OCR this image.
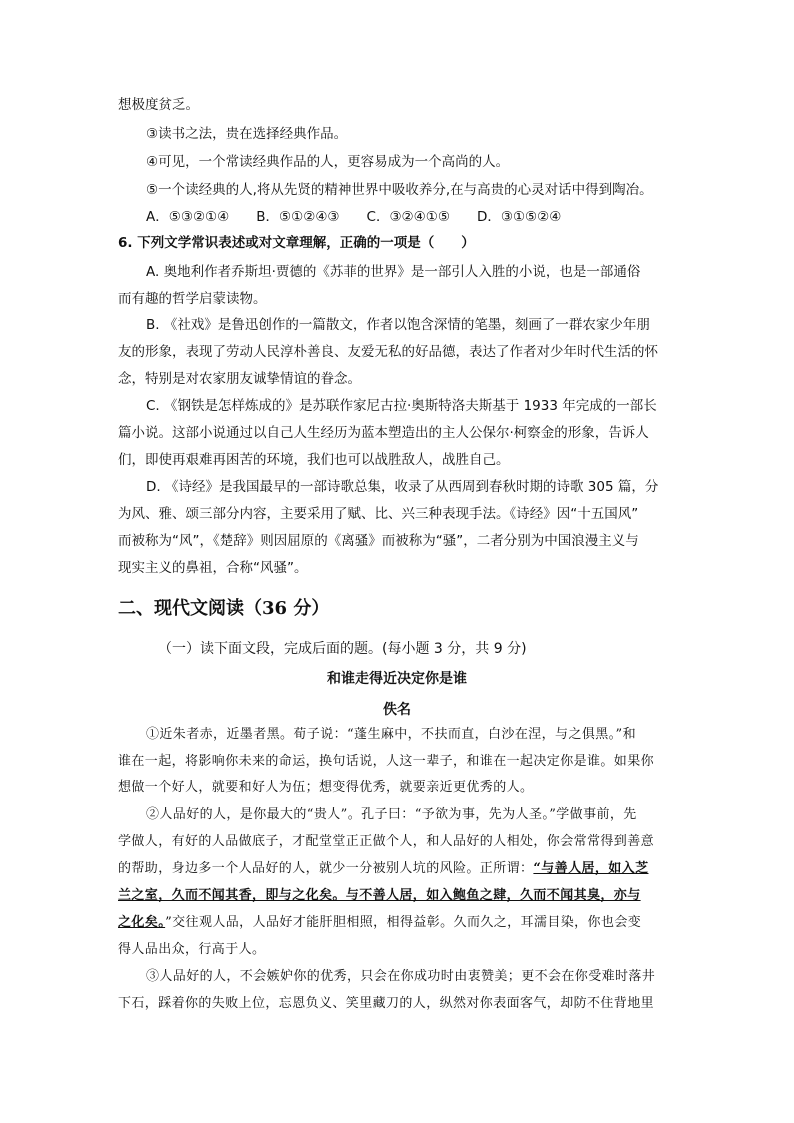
想极度贫乏。
③读书之法，贵在选择经典作品。
④可见，一个常读经典作品的人，更容易成为一个高尚的人。
⑤一个读经典的人,将从先贤的精神世界中吸收养分,在与高贵的心灵对话中得到陶冶。
A．⑤③②①④　　B．⑤①②④③　　C．③②④①⑤　　D．③①⑤②④
6. 下列文学常识表述或对文章理解，正确的一项是（　　）
A. 奥地利作者乔斯坦·贾德的《苏菲的世界》是一部引人入胜的小说，也是一部通俗
而有趣的哲学启蒙读物。
B. 《社戏》是鲁迅创作的一篇散文，作者以饱含深情的笔墨，刻画了一群农家少年朋
友的形象，表现了劳动人民淳朴善良、友爱无私的好品德，表达了作者对少年时代生活的怀
念，特别是对农家朋友诚挚情谊的眷念。
C. 《钢铁是怎样炼成的》是苏联作家尼古拉·奥斯特洛夫斯基于 1933 年完成的一部长
篇小说。这部小说通过以自己人生经历为蓝本塑造出的主人公保尔·柯察金的形象，告诉人
们，即使再艰难再困苦的环境，我们也可以战胜敌人，战胜自己。
D. 《诗经》是我国最早的一部诗歌总集，收录了从西周到春秋时期的诗歌 305 篇，分
为风、雅、颂三部分内容，主要采用了赋、比、兴三种表现手法。《诗经》因“十五国风”
而被称为“风”，《楚辞》则因屈原的《离骚》而被称为“骚”，二者分别为中国浪漫主义与
现实主义的鼻祖，合称“风骚”。
二、现代文阅读（36 分）
（一）读下面文段，完成后面的题。(每小题 3 分，共 9 分)
和谁走得近决定你是谁
佚名
①近朱者赤，近墨者黑。荀子说：“蓬生麻中，不扶而直，白沙在涅，与之俱黑。”和
谁在一起，将影响你未来的命运，换句话说，人这一辈子，和谁在一起决定你是谁。如果你
想做一个好人，就要和好人为伍；想变得优秀，就要亲近更优秀的人。
②人品好的人，是你最大的“贵人”。孔子曰：“予欲为事，先为人圣。”学做事前，先
学做人，有好的人品做底子，才配堂堂正正做个人，和人品好的人相处，你会常常得到善意
的帮助，身边多一个人品好的人，就少一分被别人坑的风险。正所谓：“与善人居，如入芝
兰之室，久而不闻其香，即与之化矣。与不善人居，如入鲍鱼之肆，久而不闻其臭，亦与
之化矣。”交往观人品，人品好才能肝胆相照，相得益彰。久而久之，耳濡目染，你也会变
得人品出众，行高于人。
③人品好的人，不会嫉妒你的优秀，只会在你成功时由衷赞美；更不会在你受难时落井
下石，踩着你的失败上位，忘恩负义、笑里藏刀的人，纵然对你表面客气，却防不住背地里
